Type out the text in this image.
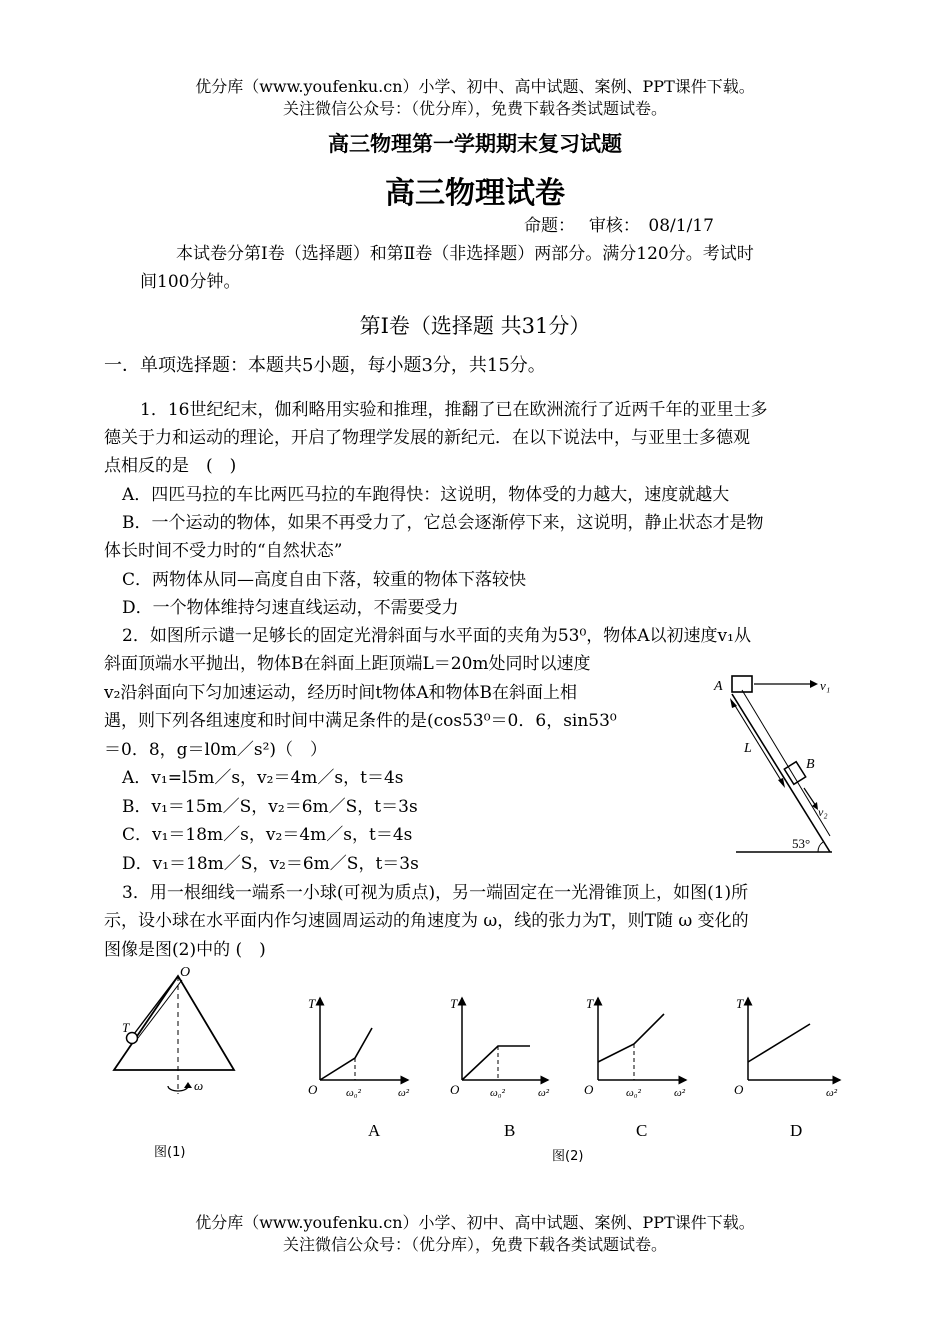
优分库（www.youfenku.cn）小学、初中、高中试题、案例、PPT课件下载。
关注微信公众号：（优分库），免费下载各类试题试卷。
高三物理第一学期期末复习试题
高三物理试卷
命题：　 审核：　08/1/17
本试卷分第Ⅰ卷（选择题）和第Ⅱ卷（非选择题）两部分。满分120分。考试时
间100分钟。
第Ⅰ卷（选择题 共31分）
一．单项选择题：本题共5小题，每小题3分，共15分。
1．16世纪纪末，伽利略用实验和推理，推翻了已在欧洲流行了近两千年的亚里士多
德关于力和运动的理论，开启了物理学发展的新纪元．在以下说法中，与亚里士多德观
点相反的是　(　)
A．四匹马拉的车比两匹马拉的车跑得快：这说明，物体受的力越大，速度就越大
B．一个运动的物体，如果不再受力了，它总会逐渐停下来，这说明，静止状态才是物
体长时间不受力时的“自然状态”
C．两物体从同—高度自由下落，较重的物体下落较快
D．一个物体维持匀速直线运动，不需要受力
2．如图所示谴一足够长的固定光滑斜面与水平面的夹角为53⁰，物体A以初速度v₁从
斜面顶端水平抛出，物体B在斜面上距顶端L＝20m处同时以速度
v₂沿斜面向下匀加速运动，经历时间t物体A和物体B在斜面上相
遇，则下列各组速度和时间中满足条件的是(cos53⁰＝0．6，sin53⁰
＝0．8，g＝l0m／s²)（　）
A．v₁=l5m／s，v₂＝4m／s，t＝4s
B．v₁＝15m／S，v₂＝6m／S，t＝3s
C．v₁＝18m／s，v₂＝4m／s，t＝4s
D．v₁＝18m／S，v₂＝6m／S，t＝3s
A	v₁
L
B
v₂
53°
3．用一根细线一端系一小球(可视为质点)，另一端固定在一光滑锥顶上，如图(1)所
示，设小球在水平面内作匀速圆周运动的角速度为 ω，线的张力为T，则T随 ω 变化的
图像是图(2)中的 (　)
O
T
ω
图(1)
T
O	ω₀²	ω²
A
T
O	ω₀²	ω²
B
T
O	ω₀²	ω²
C
T
O	ω²
D
图(2)
优分库（www.youfenku.cn）小学、初中、高中试题、案例、PPT课件下载。
关注微信公众号：（优分库），免费下载各类试题试卷。
